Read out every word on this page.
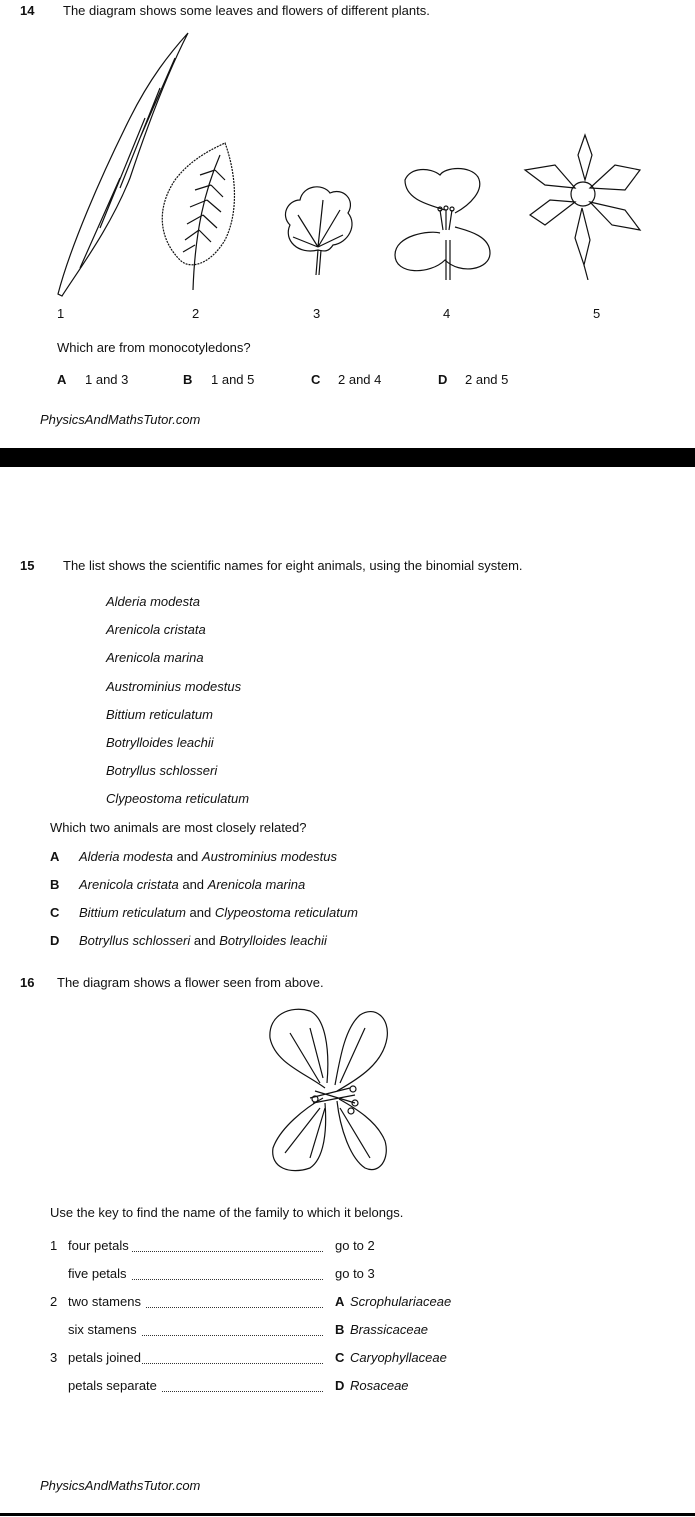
14 The diagram shows some leaves and flowers of different plants.
1	2	3	4	5
Which are from monocotyledons?
A 1 and 3	B 1 and 5	C 2 and 4	D 2 and 5
PhysicsAndMathsTutor.com
15 The list shows the scientific names for eight animals, using the binomial system.
Alderia modesta
Arenicola cristata
Arenicola marina
Austrominius modestus
Bittium reticulatum
Botrylloides leachii
Botryllus schlosseri
Clypeostoma reticulatum
Which two animals are most closely related?
A Alderia modesta and Austrominius modestus
B Arenicola cristata and Arenicola marina
C Bittium reticulatum and Clypeostoma reticulatum
D Botryllus schlosseri and Botrylloides leachii
16 The diagram shows a flower seen from above.
Use the key to find the name of the family to which it belongs.
1 four petals	go to 2
five petals	go to 3
2 two stamens	A Scrophulariaceae
six stamens	B Brassicaceae
3 petals joined	C Caryophyllaceae
petals separate	D Rosaceae
PhysicsAndMathsTutor.com
